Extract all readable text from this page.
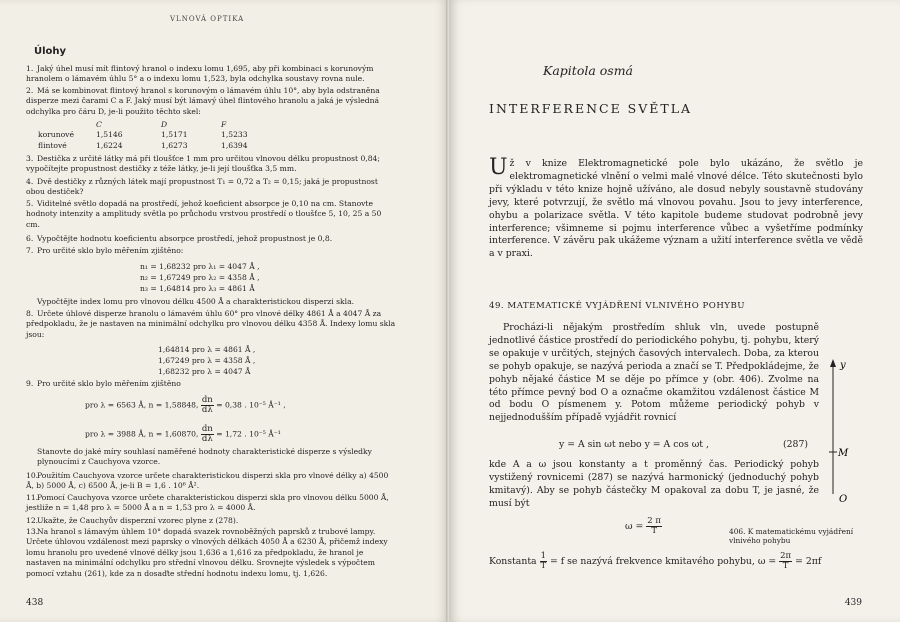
VLNOVÁ OPTIKA
Úlohy
1. Jaký úhel musí mít flintový hranol o indexu lomu 1,695, aby při kombinaci s korunovým hranolem o lámavém úhlu 5° a o indexu lomu 1,523, byla odchylka soustavy rovna nule.
2. Má se kombinovat flintový hranol s korunovým o lámavém úhlu 10°, aby byla odstraněna disperze mezi čarami C a F. Jaký musí být lámavý úhel flintového hranolu a jaká je výsledná odchylka pro čáru D, je-li použito těchto skel:
C	D	F
korunové	1,5146	1,5171	1,5233
flintové	1,6224	1,6273	1,6394
3. Destička z určité látky má při tloušťce 1 mm pro určitou vlnovou délku propustnost 0,84; vypočítejte propustnost destičky z téže látky, je-li její tloušťka 3,5 mm.
4. Dvě destičky z různých látek mají propustnost T₁ = 0,72 a T₂ = 0,15; jaká je propustnost obou destiček?
5. Viditelné světlo dopadá na prostředí, jehož koeficient absorpce je 0,10 na cm. Stanovte hodnoty intenzity a amplitudy světla po průchodu vrstvou prostředí o tloušťce 5, 10, 25 a 50 cm.
6. Vypočtějte hodnotu koeficientu absorpce prostředí, jehož propustnost je 0,8.
7. Pro určité sklo bylo měřením zjištěno:
n₁ = 1,68232 pro λ₁ = 4047 Å ,
n₂ = 1,67249 pro λ₂ = 4358 Å ,
n₃ = 1,64814 pro λ₃ = 4861 Å
Vypočtějte index lomu pro vlnovou délku 4500 Å a charakteristickou disperzi skla.
8. Určete úhlové disperze hranolu o lámavém úhlu 60° pro vlnové délky 4861 Å a 4047 Å za předpokladu, že je nastaven na minimální odchylku pro vlnovou délku 4358 Å. Indexy lomu skla jsou:
1,64814 pro λ = 4861 Å ,
1,67249 pro λ = 4358 Å ,
1,68232 pro λ = 4047 Å
9. Pro určité sklo bylo měřením zjištěno
pro λ = 6563 Å, n = 1,58848, $\frac{dn}{d\lambda} = 0,38$ . 10⁻⁵ Å⁻¹ ,
pro λ = 3988 Å, n = 1,60870, $\frac{dn}{d\lambda} = 1,72$ . 10⁻⁵ Å⁻¹
Stanovte do jaké míry souhlasí naměřené hodnoty charakteristické disperze s výsledky plynoucími z Cauchyova vzorce.
10.Použitím Cauchyova vzorce určete charakteristickou disperzi skla pro vlnové délky a) 4500 Å, b) 5000 Å, c) 6500 Å, je-li B = 1,6 . 10⁶ Å².
11.Pomocí Cauchyova vzorce určete charakteristickou disperzi skla pro vlnovou délku 5000 Å, jestliže n = 1,48 pro λ = 5000 Å a n = 1,53 pro λ = 4000 Å.
12.Ukažte, že Cauchyův disperzní vzorec plyne z (278).
13.Na hranol s lámavým úhlem 10° dopadá svazek rovnoběžných paprsků z trubové lampy. Určete úhlovou vzdálenost mezi paprsky o vlnových délkách 4050 Å a 6230 Å, přičemž indexy lomu hranolu pro uvedené vlnové délky jsou 1,636 a 1,616 za předpokladu, že hranol je nastaven na minimální odchylku pro střední vlnovou délku. Srovnejte výsledek s výpočtem pomocí vztahu (261), kde za n dosaďte střední hodnotu indexu lomu, tj. 1,626.
438
Kapitola osmá
INTERFERENCE SVĚTLA
Už v knize Elektromagnetické pole bylo ukázáno, že světlo je elektromagnetické vlnění o velmi malé vlnové délce. Této skutečnosti bylo při výkladu v této knize hojně užíváno, ale dosud nebyly soustavně studovány jevy, které potvrzují, že světlo má vlnovou povahu. Jsou to jevy interference, ohybu a polarizace světla. V této kapitole budeme studovat podrobně jevy interference; všimneme si pojmu interference vůbec a vyšetříme podmínky interference. V závěru pak ukážeme význam a užití interference světla ve vědě a v praxi.
49. MATEMATICKÉ VYJÁDŘENÍ VLNIVÉHO POHYBU
Procházi-li nějakým prostředím shluk vln, uvede postupně jednotlivé částice prostředí do periodického pohybu, tj. pohybu, který se opakuje v určitých, stejných časových intervalech. Doba, za kterou se pohyb opakuje, se nazývá perioda a značí se T. Předpokládejme, že pohyb nějaké částice M se děje po přímce y (obr. 406). Zvolme na této přímce pevný bod O a označme okamžitou vzdálenost částice M od bodu O písmenem y. Potom můžeme periodický pohyb v nejjednodušším případě vyjádřit rovnicí
y = A sin ωt nebo y = A cos ωt ,	(287)
kde A a ω jsou konstanty a t proměnný čas. Periodický pohyb vystižený rovnicemi (287) se nazývá harmonický (jednoduchý pohyb kmitavý). Aby se pohyb částečky M opakoval za dobu T, je jasné, že musí být
$\omega = \frac{2 \pi}{T}$	406. K matematickému vyjádření vlnivého pohybu
Konstanta $\frac{1}{T} = f$ se nazývá frekvence kmitavého pohybu, $\omega = \frac{2\pi}{T} = 2\pi f$
439
y
M
O
